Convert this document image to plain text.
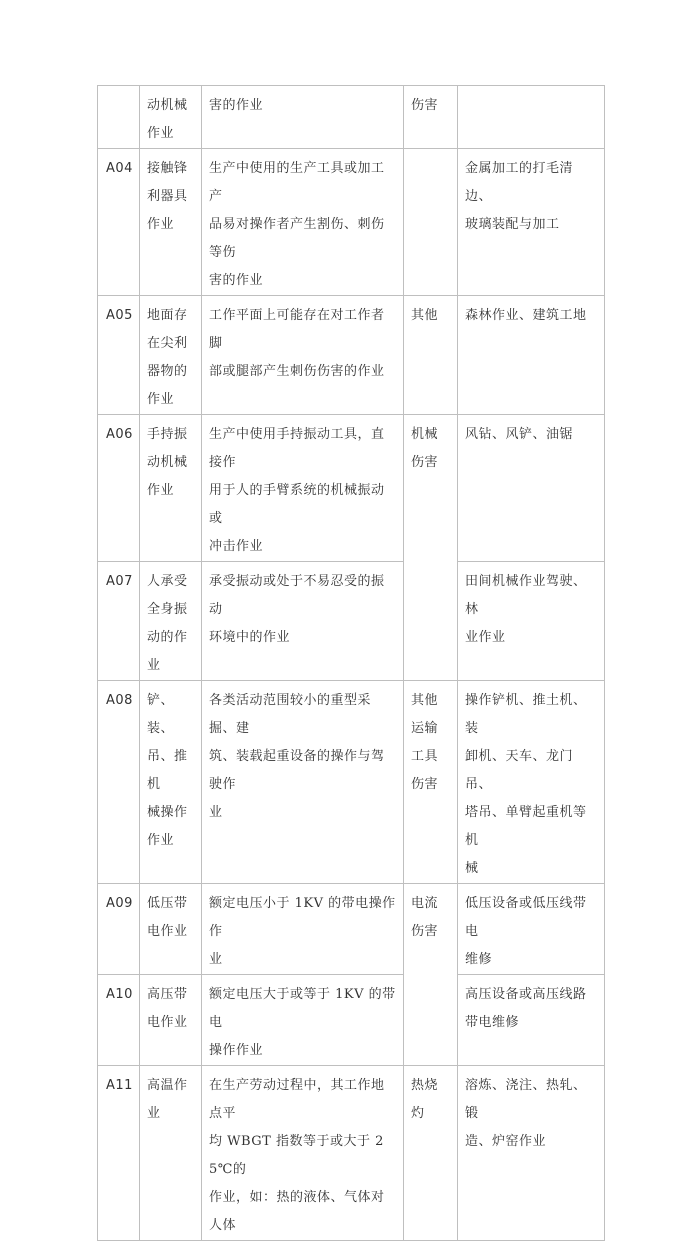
	动机械
作业	害的作业	伤害	
A04	接触锋
利器具
作业	生产中使用的生产工具或加工产
品易对操作者产生割伤、刺伤等伤
害的作业		金属加工的打毛清边、
玻璃装配与加工
A05	地面存
在尖利
器物的
作业	工作平面上可能存在对工作者脚
部或腿部产生刺伤伤害的作业	其他	森林作业、建筑工地
A06	手持振
动机械
作业	生产中使用手持振动工具，直接作
用于人的手臂系统的机械振动或
冲击作业	机械
伤害	风钻、风铲、油锯
A07	人承受
全身振
动的作
业	承受振动或处于不易忍受的振动
环境中的作业		田间机械作业驾驶、林
业作业
A08	铲、装、
吊、推机
械操作
作业	各类活动范围较小的重型采掘、建
筑、装载起重设备的操作与驾驶作
业	其他
运输
工具
伤害	操作铲机、推土机、装
卸机、天车、龙门吊、
塔吊、单臂起重机等机
械
A09	低压带
电作业	额定电压小于 1KV 的带电操作作
业	电流
伤害	低压设备或低压线带电
维修
A10	高压带
电作业	额定电压大于或等于 1KV 的带电
操作作业		高压设备或高压线路
带电维修
A11	高温作
业	在生产劳动过程中，其工作地点平
均 WBGT 指数等于或大于 25℃的
作业，如：热的液体、气体对人体	热烧
灼	溶炼、浇注、热轧、锻
造、炉窑作业
